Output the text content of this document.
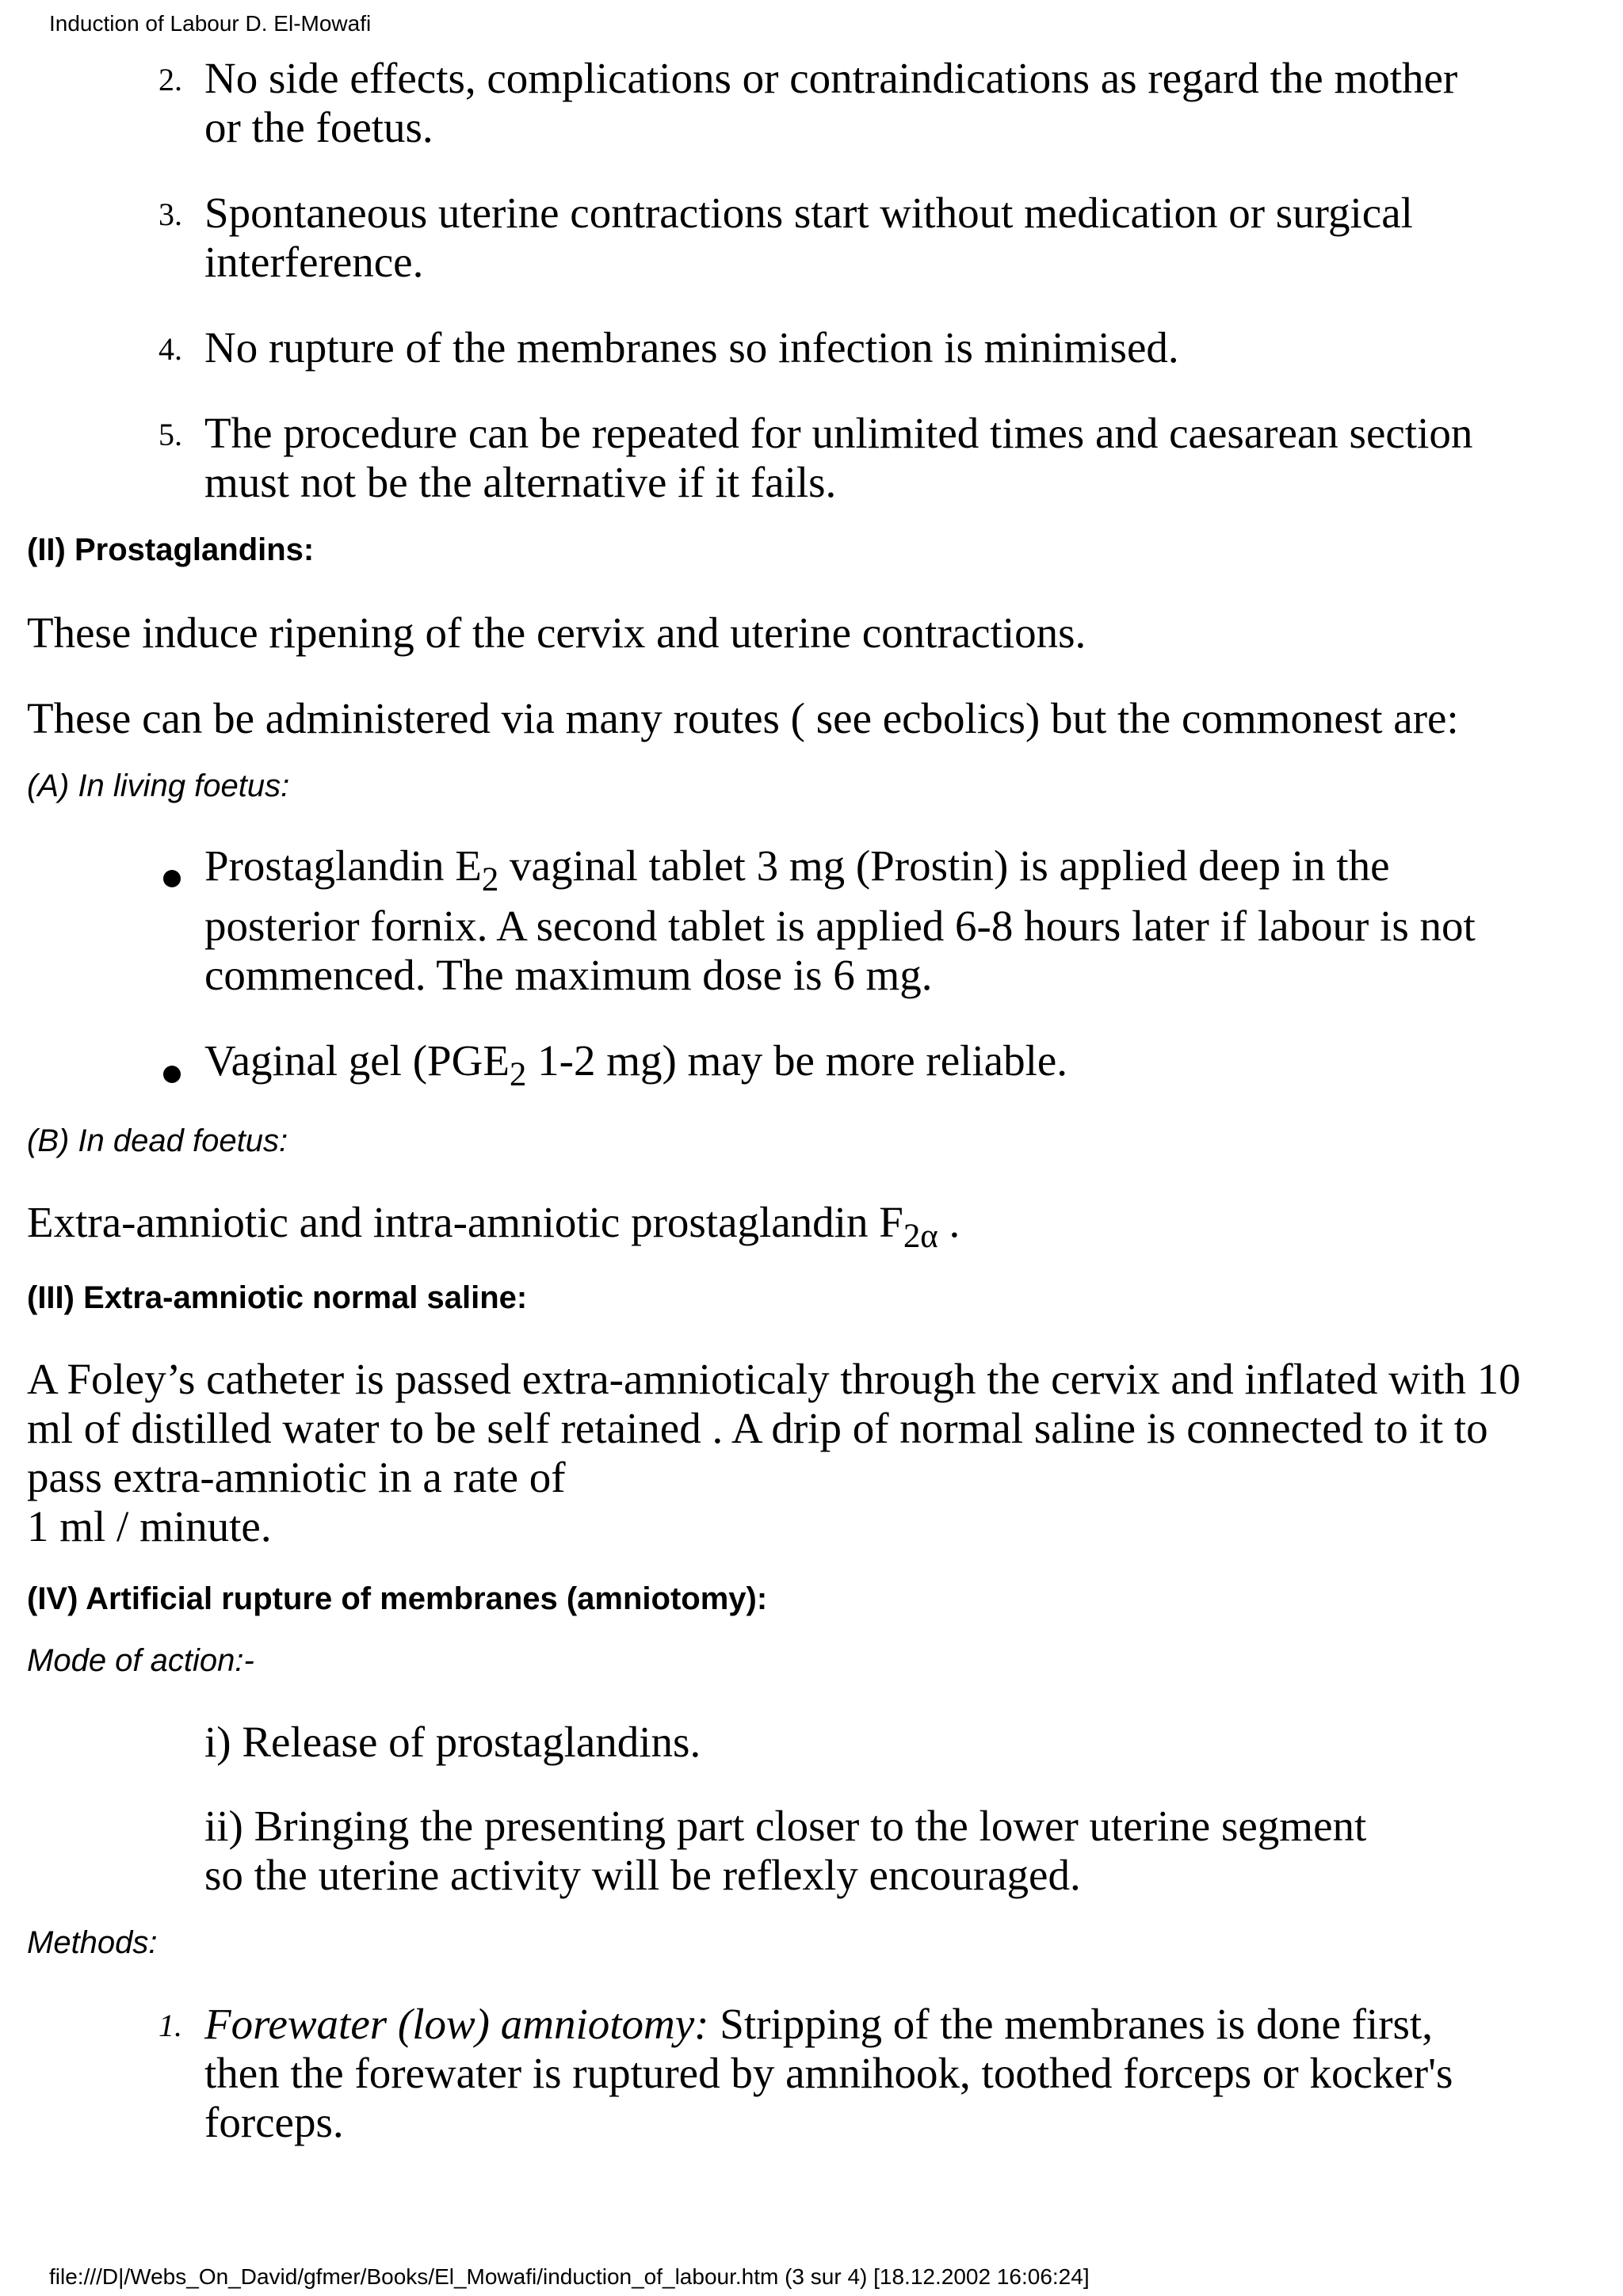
Induction of Labour D. El-Mowafi
2. No side effects, complications or contraindications as regard the mother
or the foetus.
3. Spontaneous uterine contractions start without medication or surgical
interference.
4. No rupture of the membranes so infection is minimised.
5. The procedure can be repeated for unlimited times and caesarean section
must not be the alternative if it fails.
(II) Prostaglandins:
These induce ripening of the cervix and uterine contractions.
These can be administered via many routes ( see ecbolics) but the commonest are:
(A) In living foetus:
Prostaglandin $E_2$ vaginal tablet 3 mg (Prostin) is applied deep in the
posterior fornix. A second tablet is applied 6-8 hours later if labour is not
commenced. The maximum dose is 6 mg.
Vaginal gel ($PGE_2$ 1-2 mg) may be more reliable.
(B) In dead foetus:
Extra-amniotic and intra-amniotic prostaglandin $F_{2\alpha}$ .
(III) Extra-amniotic normal saline:
A Foley’s catheter is passed extra-amnioticaly through the cervix and inflated with 10
ml of distilled water to be self retained . A drip of normal saline is connected to it to
pass extra-amniotic in a rate of
1 ml / minute.
(IV) Artificial rupture of membranes (amniotomy):
Mode of action:-
i) Release of prostaglandins.
ii) Bringing the presenting part closer to the lower uterine segment
so the uterine activity will be reflexly encouraged.
Methods:
1. Forewater (low) amniotomy: Stripping of the membranes is done first,
then the forewater is ruptured by amnihook, toothed forceps or kocker's
forceps.
file:///D|/Webs_On_David/gfmer/Books/El_Mowafi/induction_of_labour.htm (3 sur 4) [18.12.2002 16:06:24]
